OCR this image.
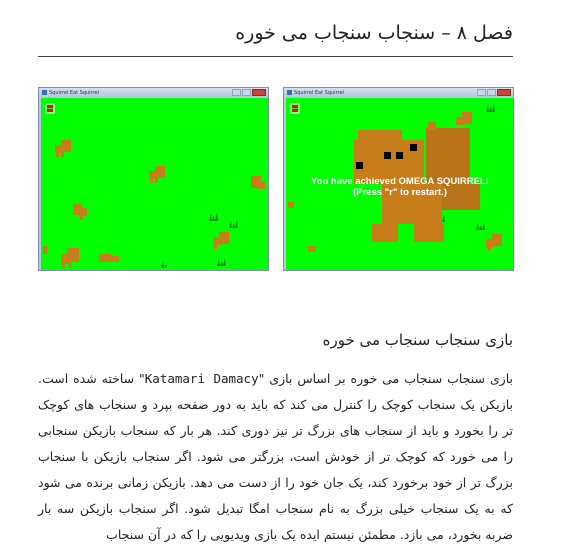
فصل ۸ – سنجاب سنجاب می خوره
Squirrel Eat Squirrel	Squirrel Eat Squirrel
You have achieved OMEGA SQUIRREL!
(Press "r" to restart.)
بازی سنجاب سنجاب می خوره

بازی سنجاب سنجاب می خوره بر اساس بازی "Katamari Damacy" ساخته شده است. بازیکن یک سنجاب کوچک را کنترل می کند که باید به دور صفحه بپرد و سنجاب های کوچک تر را بخورد و باید از سنجاب های بزرگ تر نیز دوری کند. هر بار که سنجاب بازیکن سنجابی را می خورد که کوچک تر از خودش است، بزرگتر می شود. اگر سنجاب بازیکن با سنجاب بزرگ تر از خود برخورد کند، یک جان خود را از دست می دهد. بازیکن زمانی برنده می شود که به یک سنجاب خیلی بزرگ به نام سنجاب امگا تبدیل شود. اگر سنجاب بازیکن سه بار ضربه بخورد، می بازد. مطمئن نیستم ایده یک بازی ویدیویی را که در آن سنجاب
